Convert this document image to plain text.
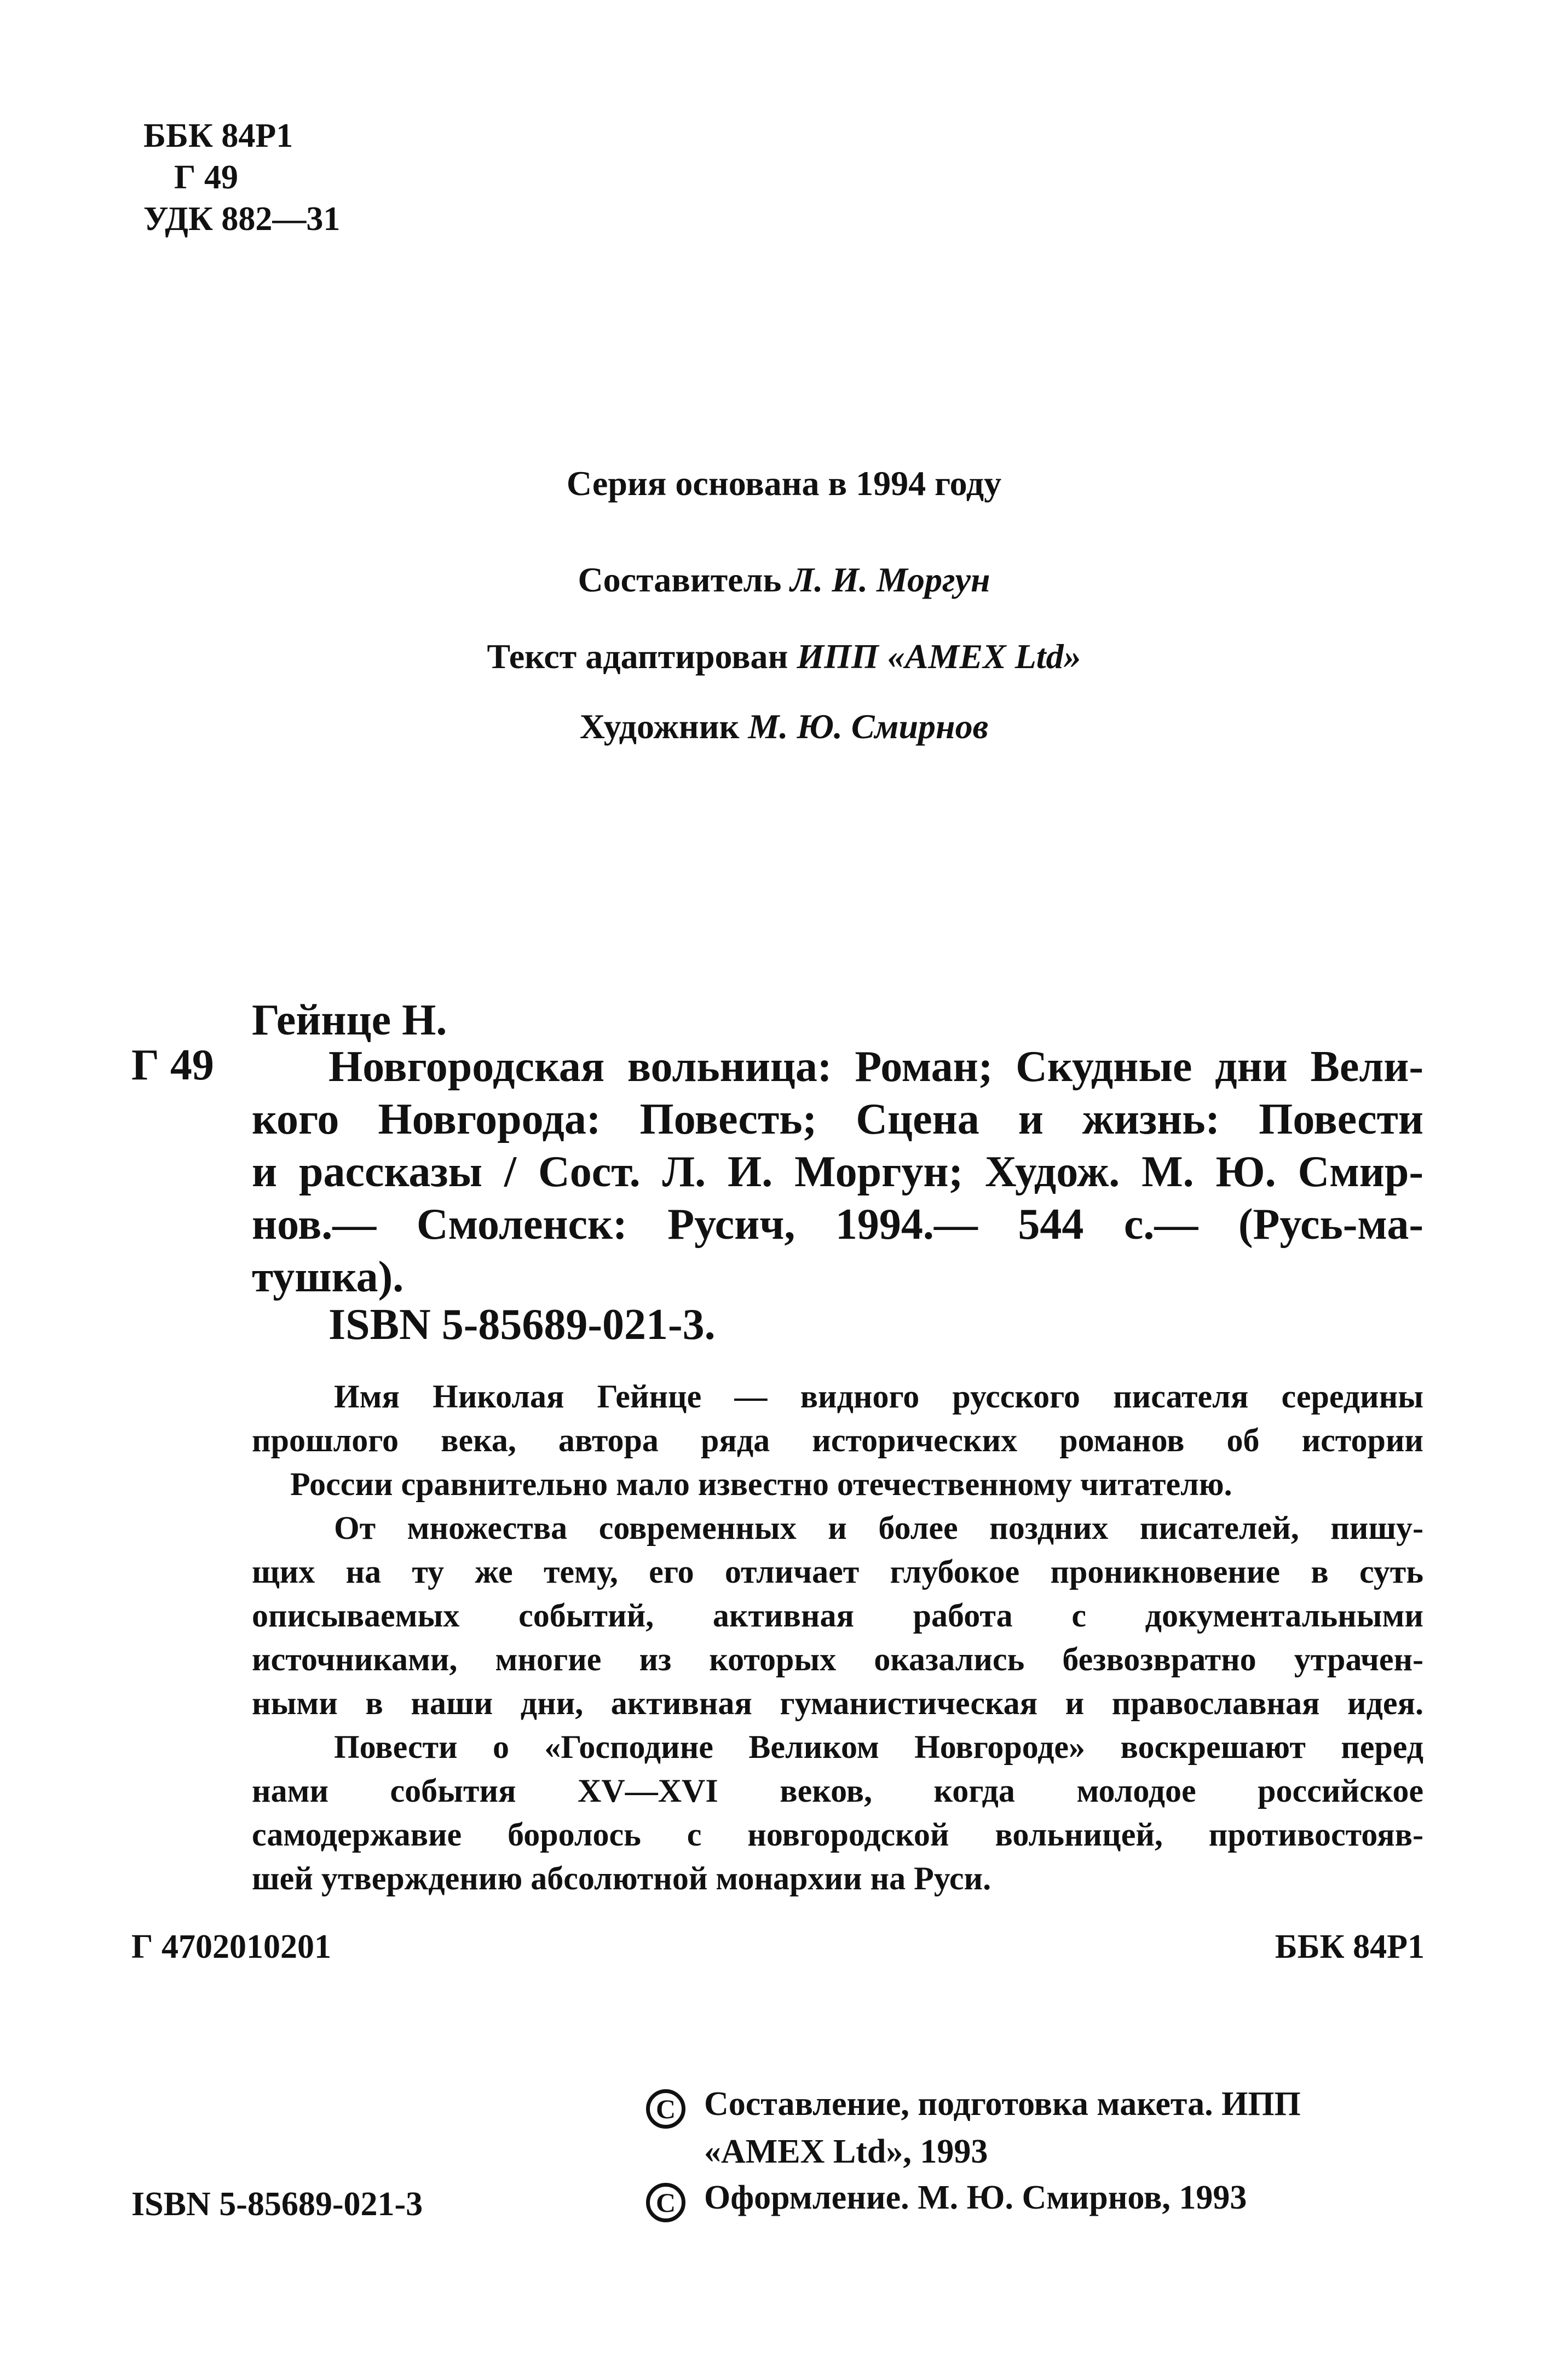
ББК 84Р1
Г 49
УДК 882—31
Серия основана в 1994 году
Составитель Л. И. Моргун
Текст адаптирован ИПП «AMEX Ltd»
Художник М. Ю. Смирнов
Гейнце Н.
Г 49	Новгородская вольница: Роман; Скудные дни Вели-
кого Новгорода: Повесть; Сцена и жизнь: Повести
и рассказы / Сост. Л. И. Моргун; Худож. М. Ю. Смир-
нов.— Смоленск: Русич, 1994.— 544 с.— (Русь-ма-
тушка).
ISBN 5-85689-021-3.
Имя Николая Гейнце — видного русского писателя середины
прошлого века, автора ряда исторических романов об истории
России сравнительно мало известно отечественному читателю.
От множества современных и более поздних писателей, пишу-
щих на ту же тему, его отличает глубокое проникновение в суть
описываемых событий, активная работа с документальными
источниками, многие из которых оказались безвозвратно утрачен-
ными в наши дни, активная гуманистическая и православная идея.
Повести о «Господине Великом Новгороде» воскрешают перед
нами события XV—XVI веков, когда молодое российское
самодержавие боролось с новгородской вольницей, противостояв-
шей утверждению абсолютной монархии на Руси.
Г 4702010201	ББК 84Р1
ISBN 5-85689-021-3
C Составление, подготовка макета. ИПП
«AMEX Ltd», 1993
C Оформление. М. Ю. Смирнов, 1993
